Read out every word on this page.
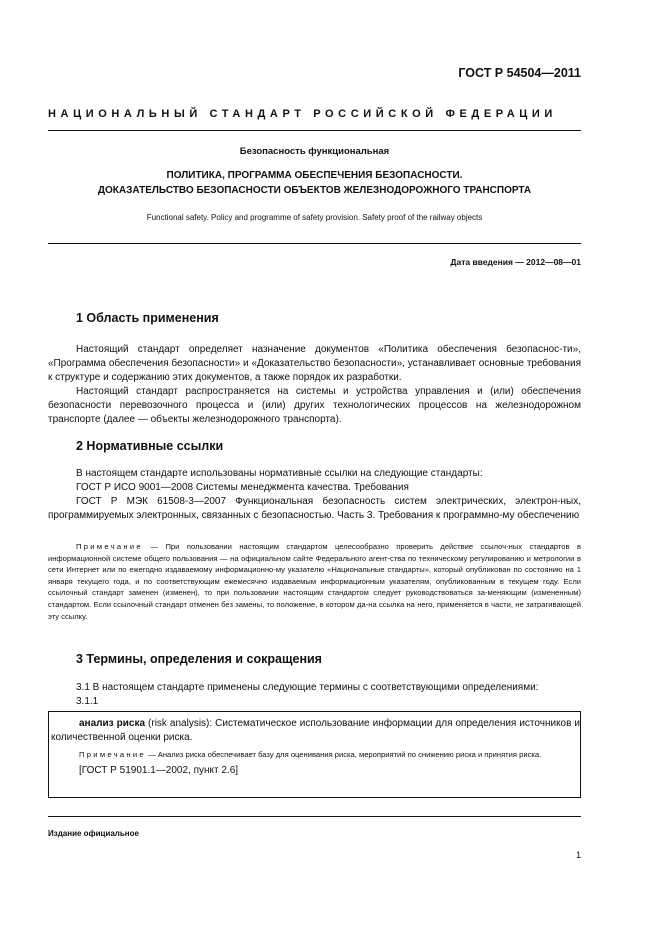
ГОСТ Р 54504—2011
НАЦИОНАЛЬНЫЙ СТАНДАРТ РОССИЙСКОЙ ФЕДЕРАЦИИ
Безопасность функциональная
ПОЛИТИКА, ПРОГРАММА ОБЕСПЕЧЕНИЯ БЕЗОПАСНОСТИ.
ДОКАЗАТЕЛЬСТВО БЕЗОПАСНОСТИ ОБЪЕКТОВ ЖЕЛЕЗНОДОРОЖНОГО ТРАНСПОРТА
Functional safety. Policy and programme of safety provision. Safety proof of the railway objects
Дата введения — 2012—08—01
1 Область применения

Настоящий стандарт определяет назначение документов «Политика обеспечения безопаснос-ти», «Программа обеспечения безопасности» и «Доказательство безопасности», устанавливает основные требования к структуре и содержанию этих документов, а также порядок их разработки.

Настоящий стандарт распространяется на системы и устройства управления и (или) обеспечения безопасности перевозочного процесса и (или) других технологических процессов на железнодорожном транспорте (далее — объекты железнодорожного транспорта).

2 Нормативные ссылки

В настоящем стандарте использованы нормативные ссылки на следующие стандарты:

ГОСТ Р ИСО 9001—2008 Системы менеджмента качества. Требования

ГОСТ Р МЭК 61508-3—2007 Функциональная безопасность систем электрических, электрон-ных, программируемых электронных, связанных с безопасностью. Часть 3. Требования к программно-му обеспечению

Примечание — При пользовании настоящим стандартом целесообразно проверить действие ссылоч-ных стандартов в информационной системе общего пользования — на официальном сайте Федерального агент-ства по техническому регулированию и метрологии в сети Интернет или по ежегодно издаваемому информационно-му указателю «Национальные стандарты», который опубликован по состоянию на 1 января текущего года, и по соответствующим ежемесячно издаваемым информационным указателям, опубликованным в текущем году. Если ссылочный стандарт заменен (изменен), то при пользовании настоящим стандартом следует руководствоваться за-меняющим (измененным) стандартом. Если ссылочный стандарт отменен без замены, то положение, в котором да-на ссылка на него, применяется в части, не затрагивающей эту ссылку.

3 Термины, определения и сокращения

3.1 В настоящем стандарте применены следующие термины с соответствующими определениями:

3.1.1

анализ риска (risk analysis): Систематическое использование информации для определения источников и количественной оценки риска.

Примечание — Анализ риска обеспечивает базу для оценивания риска, мероприятий по снижению риска и принятия риска.

[ГОСТ Р 51901.1—2002, пункт 2.6]

Издание официальное
1
